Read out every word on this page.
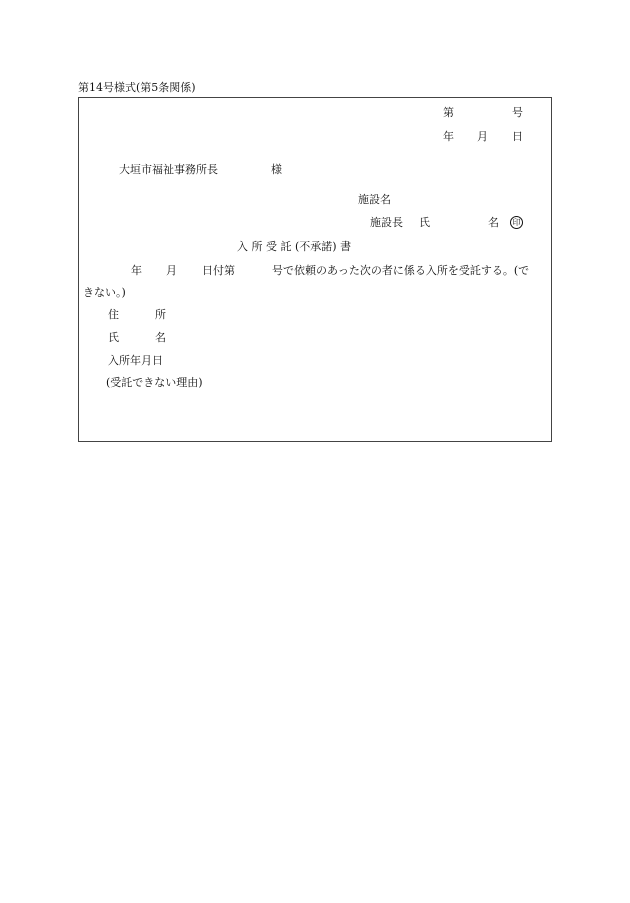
第14号様式(第5条関係)
第	号
年 月 日
大垣市福祉事務所長	様
施設名
施設長 氏	名	印
入 所 受 託 (不承諾) 書
年 月 日付第	号で依頼のあった次の者に係る入所を受託する。(で
きない。)
住	所
氏	名
入所年月日
(受託できない理由)
